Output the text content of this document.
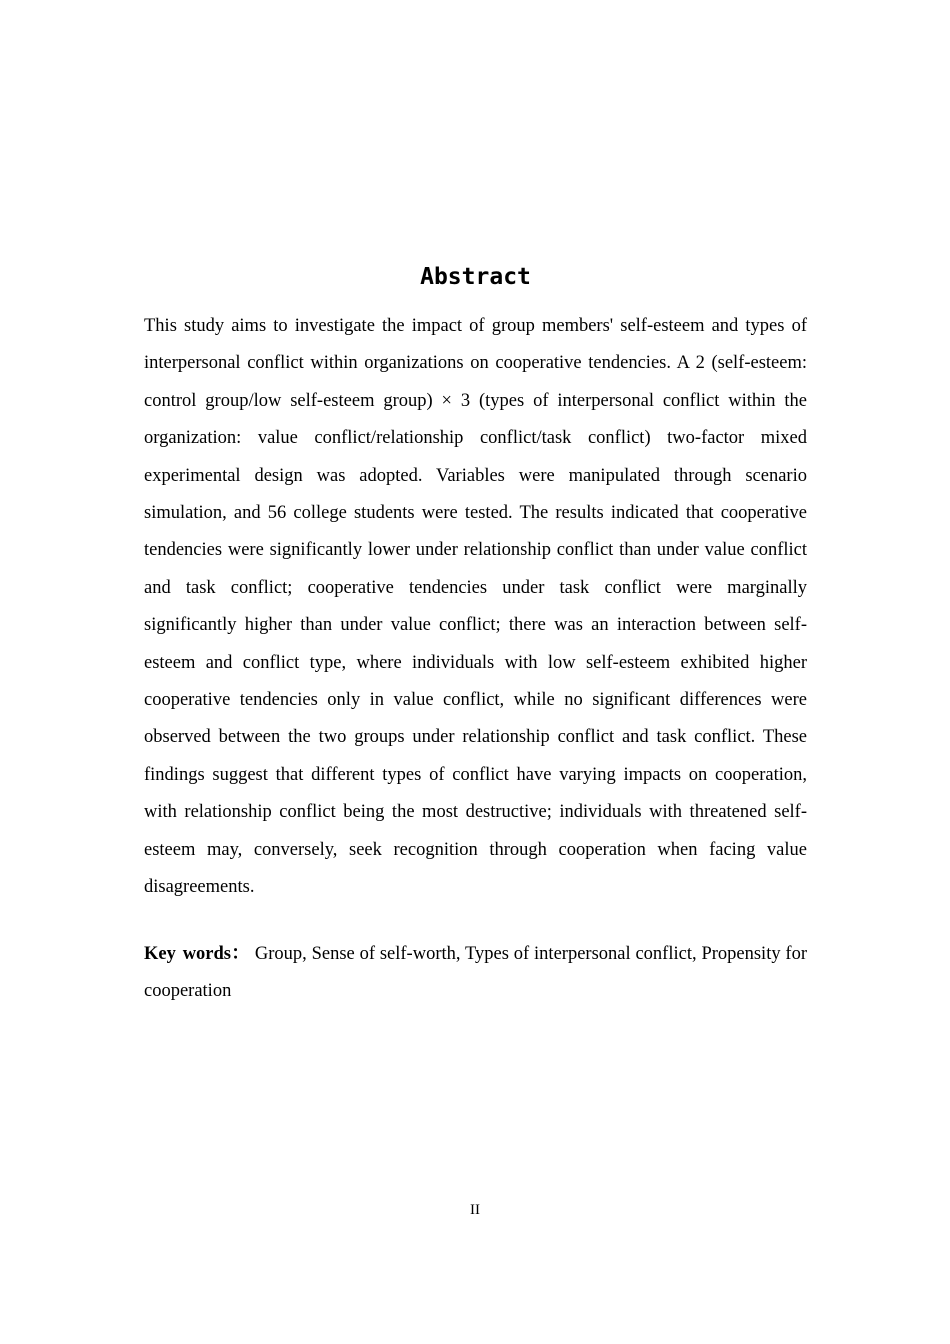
Abstract

This study aims to investigate the impact of group members' self-esteem and types of interpersonal conflict within organizations on cooperative tendencies. A 2 (self-esteem: control group/low self-esteem group) × 3 (types of interpersonal conflict within the organization: value conflict/relationship conflict/task conflict) two-factor mixed experimental design was adopted. Variables were manipulated through scenario simulation, and 56 college students were tested. The results indicated that cooperative tendencies were significantly lower under relationship conflict than under value conflict and task conflict; cooperative tendencies under task conflict were marginally significantly higher than under value conflict; there was an interaction between self-esteem and conflict type, where individuals with low self-esteem exhibited higher cooperative tendencies only in value conflict, while no significant differences were observed between the two groups under relationship conflict and task conflict. These findings suggest that different types of conflict have varying impacts on cooperation, with relationship conflict being the most destructive; individuals with threatened self-esteem may, conversely, seek recognition through cooperation when facing value disagreements.

Key words： Group, Sense of self-worth, Types of interpersonal conflict, Propensity for cooperation

II
